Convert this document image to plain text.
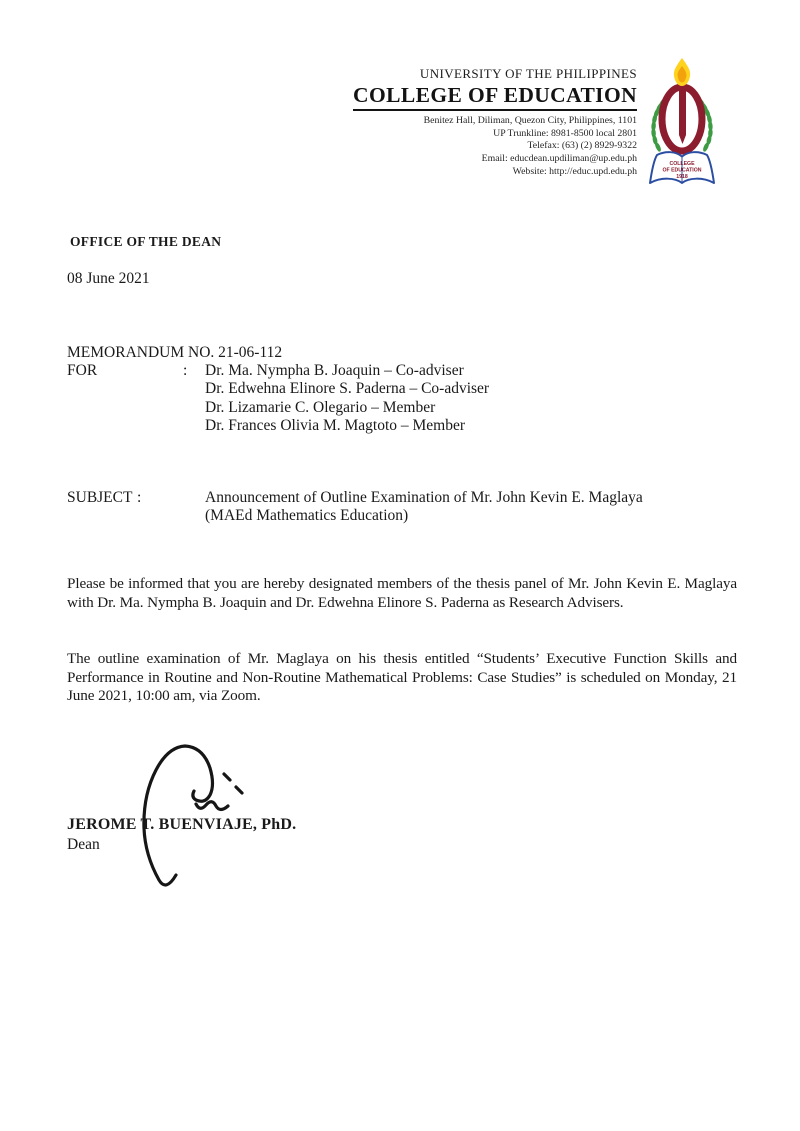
UNIVERSITY OF THE PHILIPPINES
COLLEGE OF EDUCATION
Benitez Hall, Diliman, Quezon City, Philippines, 1101
UP Trunkline: 8981-8500 local 2801
Telefax: (63) (2) 8929-9322
Email: educdean.updiliman@up.edu.ph
Website: http://educ.upd.edu.ph
COLLEGE
OF EDUCATION
1918
OFFICE OF THE DEAN
08 June 2021
MEMORANDUM NO. 21-06-112
FOR	:	Dr. Ma. Nympha B. Joaquin – Co-adviser
Dr. Edwehna Elinore S. Paderna – Co-adviser
Dr. Lizamarie C. Olegario – Member
Dr. Frances Olivia M. Magtoto – Member
SUBJECT :	Announcement of Outline Examination of Mr. John Kevin E. Maglaya
(MAEd Mathematics Education)
Please be informed that you are hereby designated members of the thesis panel of Mr. John Kevin E. Maglaya with Dr. Ma. Nympha B. Joaquin and Dr. Edwehna Elinore S. Paderna as Research Advisers.
The outline examination of Mr. Maglaya on his thesis entitled “Students’ Executive Function Skills and Performance in Routine and Non-Routine Mathematical Problems: Case Studies” is scheduled on Monday, 21 June 2021, 10:00 am, via Zoom.
JEROME T. BUENVIAJE, PhD.
Dean
